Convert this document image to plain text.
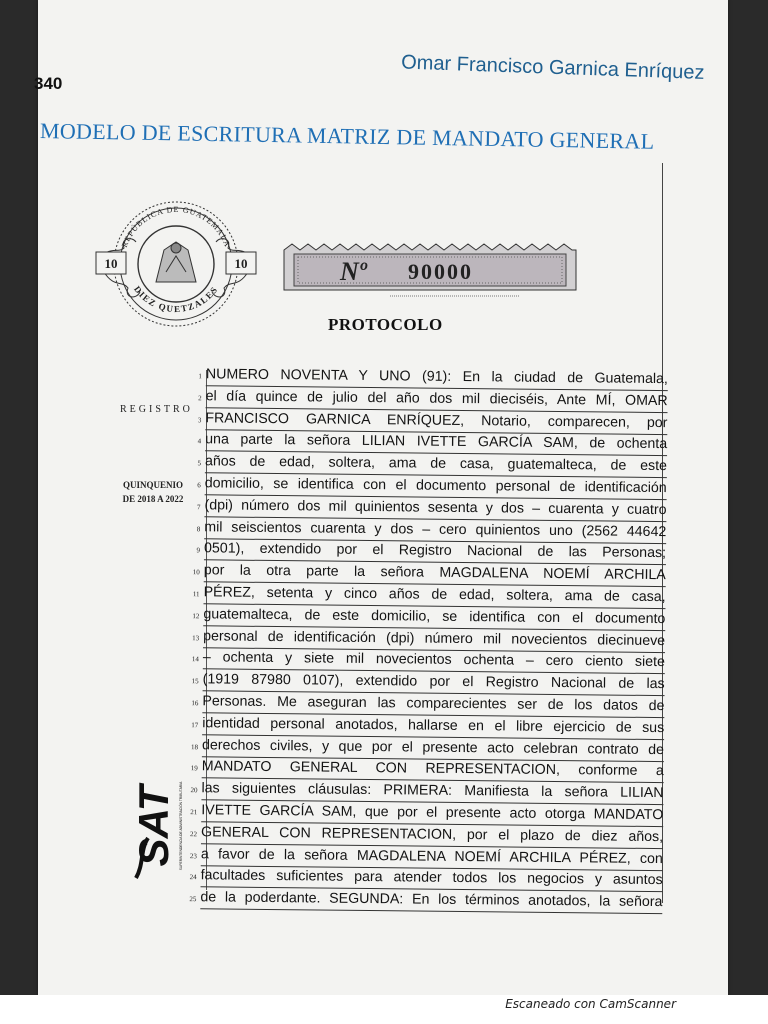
340	Omar Francisco Garnica Enríquez
MODELO DE ESCRITURA MATRIZ DE MANDATO GENERAL
10	10
REPÚBLICA DE GUATEMALA
DIEZ QUETZALES
Nº 90000
PROTOCOLO
REGISTRO
QUINQUENIO
DE 2018 A 2022
SAT SUPERINTENDENCIA DE ADMINISTRACIÓN TRIBUTARIA
1 NUMERO NOVENTA Y UNO (91): En la ciudad de Guatemala,
2 el día quince de julio del año dos mil dieciséis, Ante MÍ, OMAR
3 FRANCISCO GARNICA ENRÍQUEZ, Notario, comparecen, por
4 una parte la señora LILIAN IVETTE GARCÍA SAM, de ochenta
5 años de edad, soltera, ama de casa, guatemalteca, de este
6 domicilio, se identifica con el documento personal de identificación
7 (dpi) número dos mil quinientos sesenta y dos – cuarenta y cuatro
8 mil seiscientos cuarenta y dos – cero quinientos uno (2562 44642
9 0501), extendido por el Registro Nacional de las Personas;
10 por la otra parte la señora MAGDALENA NOEMÍ ARCHILA
11 PÉREZ, setenta y cinco años de edad, soltera, ama de casa,
12 guatemalteca, de este domicilio, se identifica con el documento
13 personal de identificación (dpi) número mil novecientos diecinueve
14 – ochenta y siete mil novecientos ochenta – cero ciento siete
15 (1919 87980 0107), extendido por el Registro Nacional de las
16 Personas. Me aseguran las comparecientes ser de los datos de
17 identidad personal anotados, hallarse en el libre ejercicio de sus
18 derechos civiles, y que por el presente acto celebran contrato de
19 MANDATO GENERAL CON REPRESENTACION, conforme a
20 las siguientes cláusulas: PRIMERA: Manifiesta la señora LILIAN
21 IVETTE GARCÍA SAM, que por el presente acto otorga MANDATO
22 GENERAL CON REPRESENTACION, por el plazo de diez años,
23 a favor de la señora MAGDALENA NOEMÍ ARCHILA PÉREZ, con
24 facultades suficientes para atender todos los negocios y asuntos
25 de la poderdante. SEGUNDA: En los términos anotados, la señora
Escaneado con CamScanner
